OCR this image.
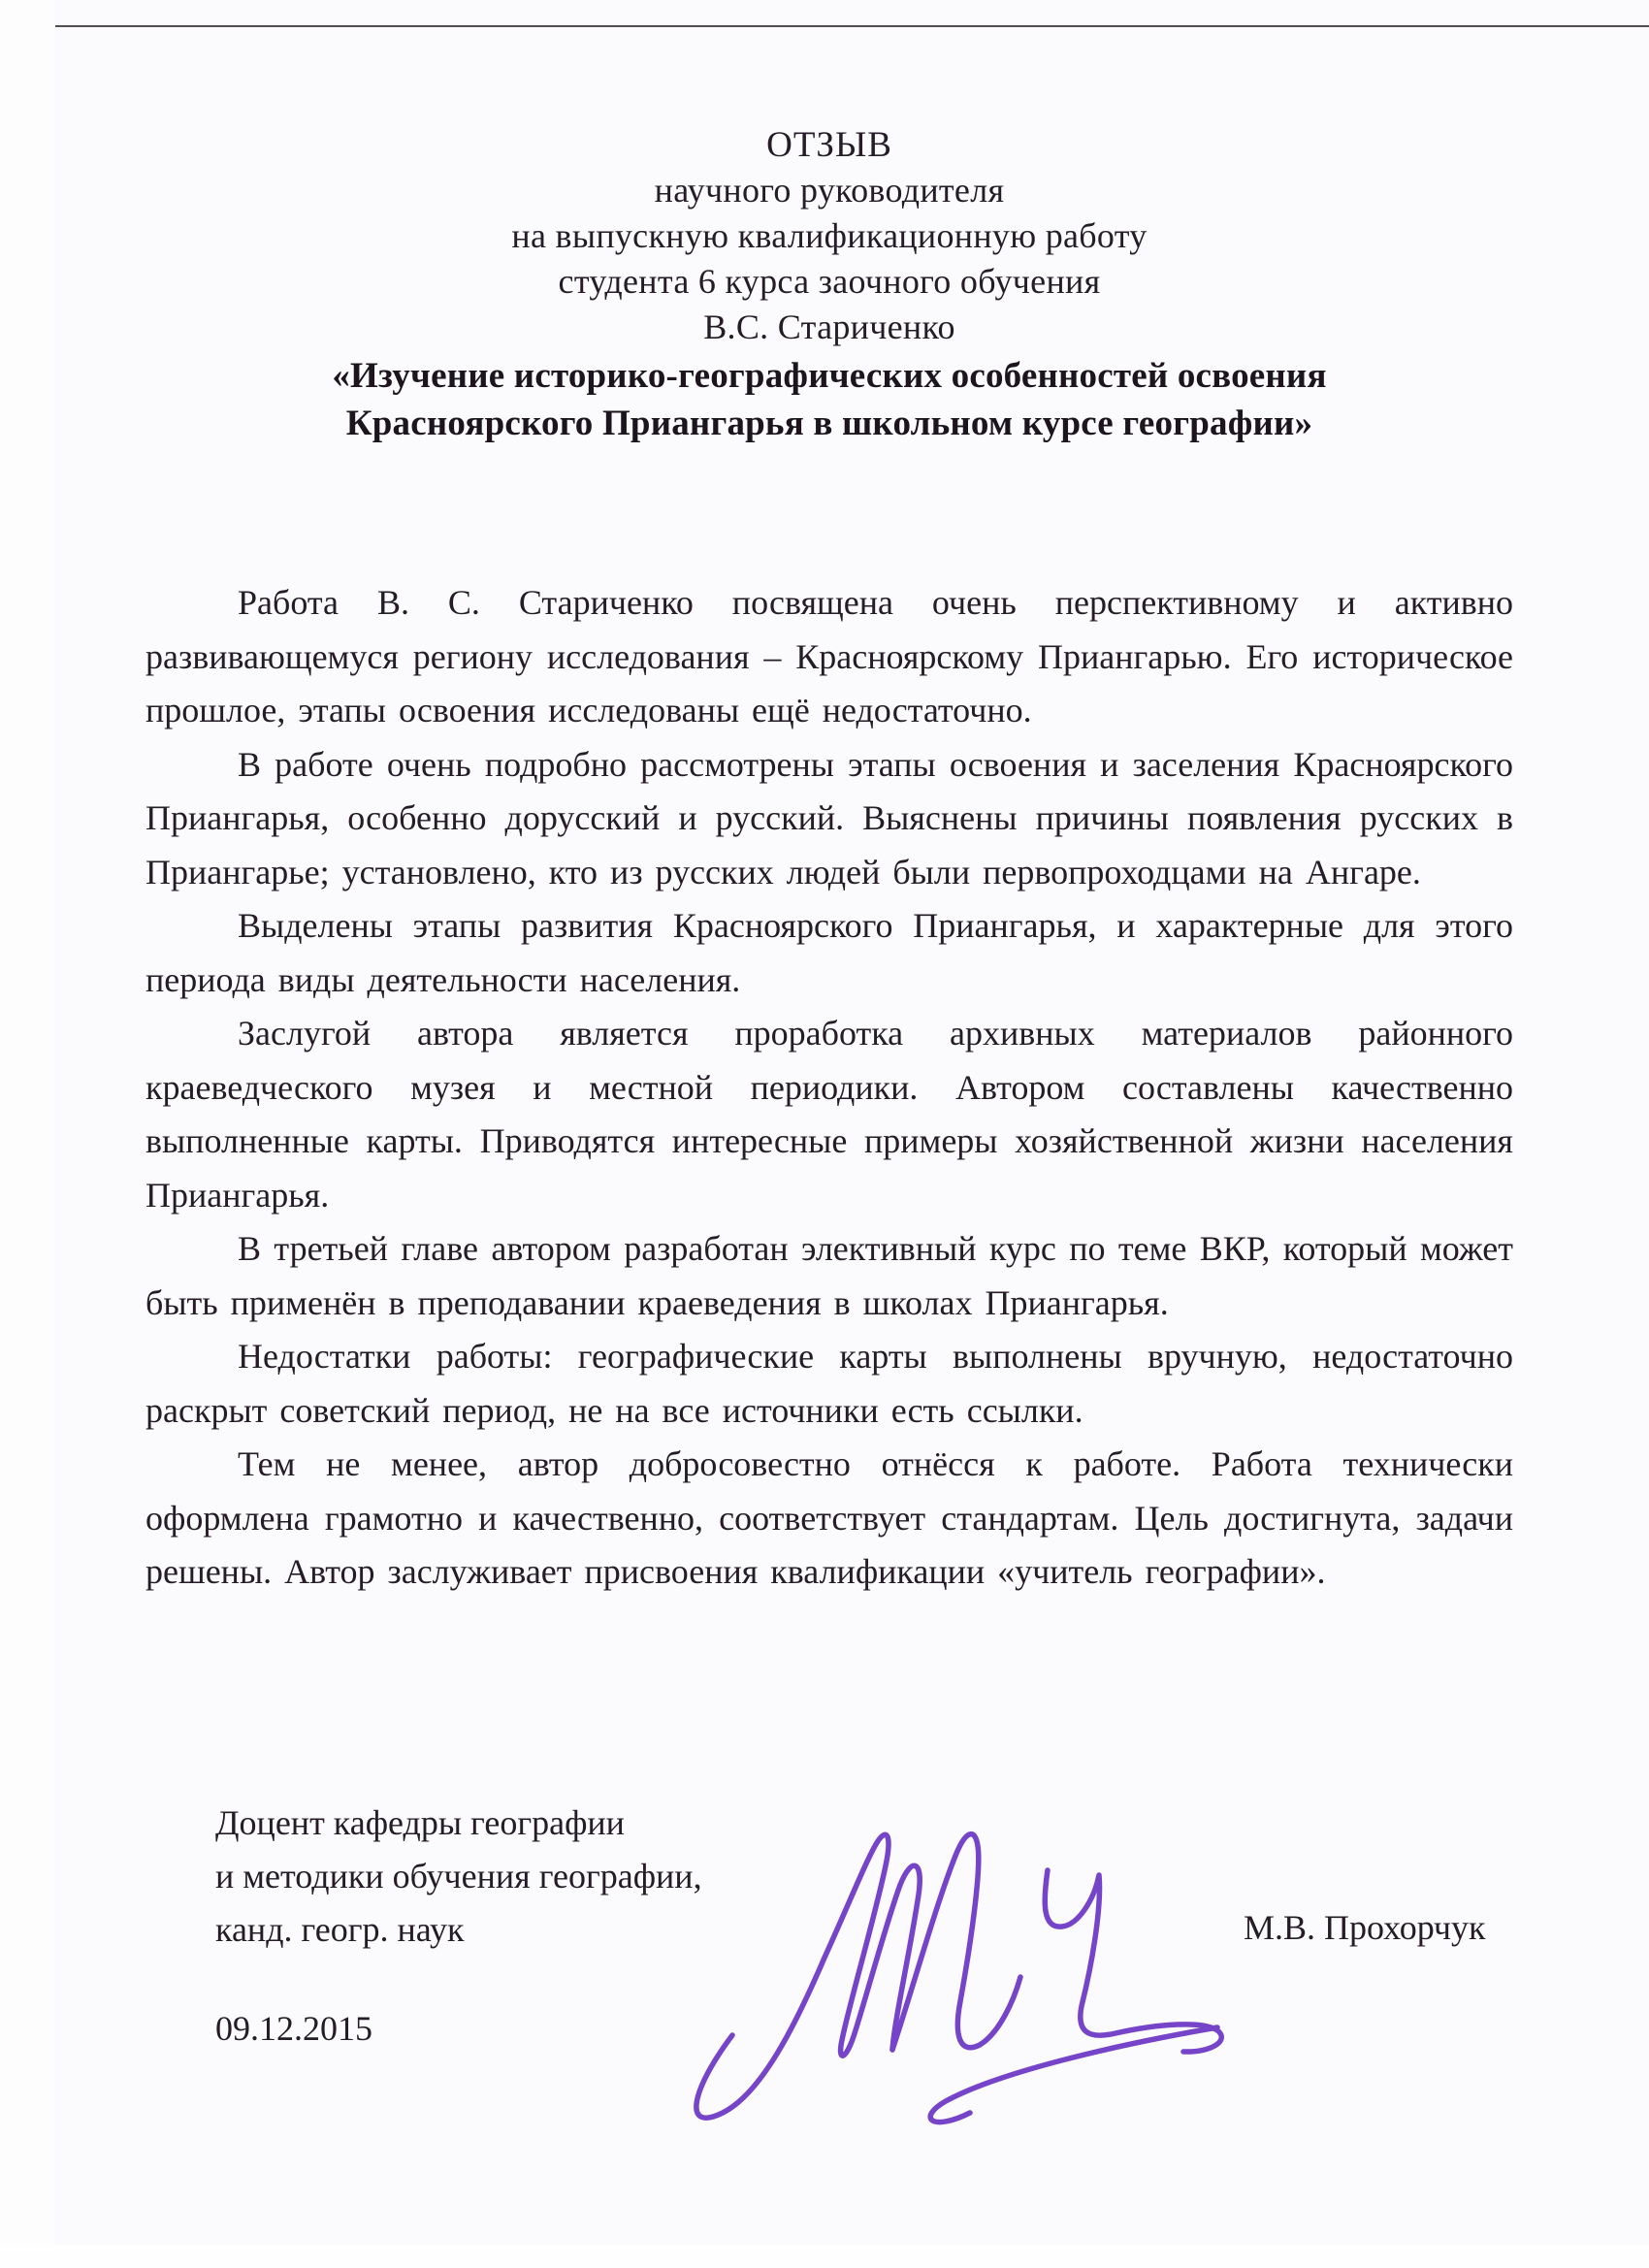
ОТЗЫВ

научного руководителя

на выпускную квалификационную работу

студента 6 курса заочного обучения

В.С. Стариченко

«Изучение историко-географических особенностей освоения

Красноярского Приангарья в школьном курсе географии»

Работа В. С. Стариченко посвящена очень перспективному и активно развивающемуся региону исследования – Красноярскому Приангарью. Его историческое прошлое, этапы освоения исследованы ещё недостаточно.

В работе очень подробно рассмотрены этапы освоения и заселения Красноярского Приангарья, особенно дорусский и русский. Выяснены причины появления русских в Приангарье; установлено, кто из русских людей были первопроходцами на Ангаре.

Выделены этапы развития Красноярского Приангарья, и характерные для этого периода виды деятельности населения.

Заслугой автора является проработка архивных материалов районного краеведческого музея и местной периодики. Автором составлены качественно выполненные карты. Приводятся интересные примеры хозяйственной жизни населения Приангарья.

В третьей главе автором разработан элективный курс по теме ВКР, который может быть применён в преподавании краеведения в школах Приангарья.

Недостатки работы: географические карты выполнены вручную, недостаточно раскрыт советский период, не на все источники есть ссылки.

Тем не менее, автор добросовестно отнёсся к работе. Работа технически оформлена грамотно и качественно, соответствует стандартам. Цель достигнута, задачи решены. Автор заслуживает присвоения квалификации «учитель географии».

Доцент кафедры географии

и методики обучения географии,

канд. геогр. наук

09.12.2015
М.В. Прохорчук
